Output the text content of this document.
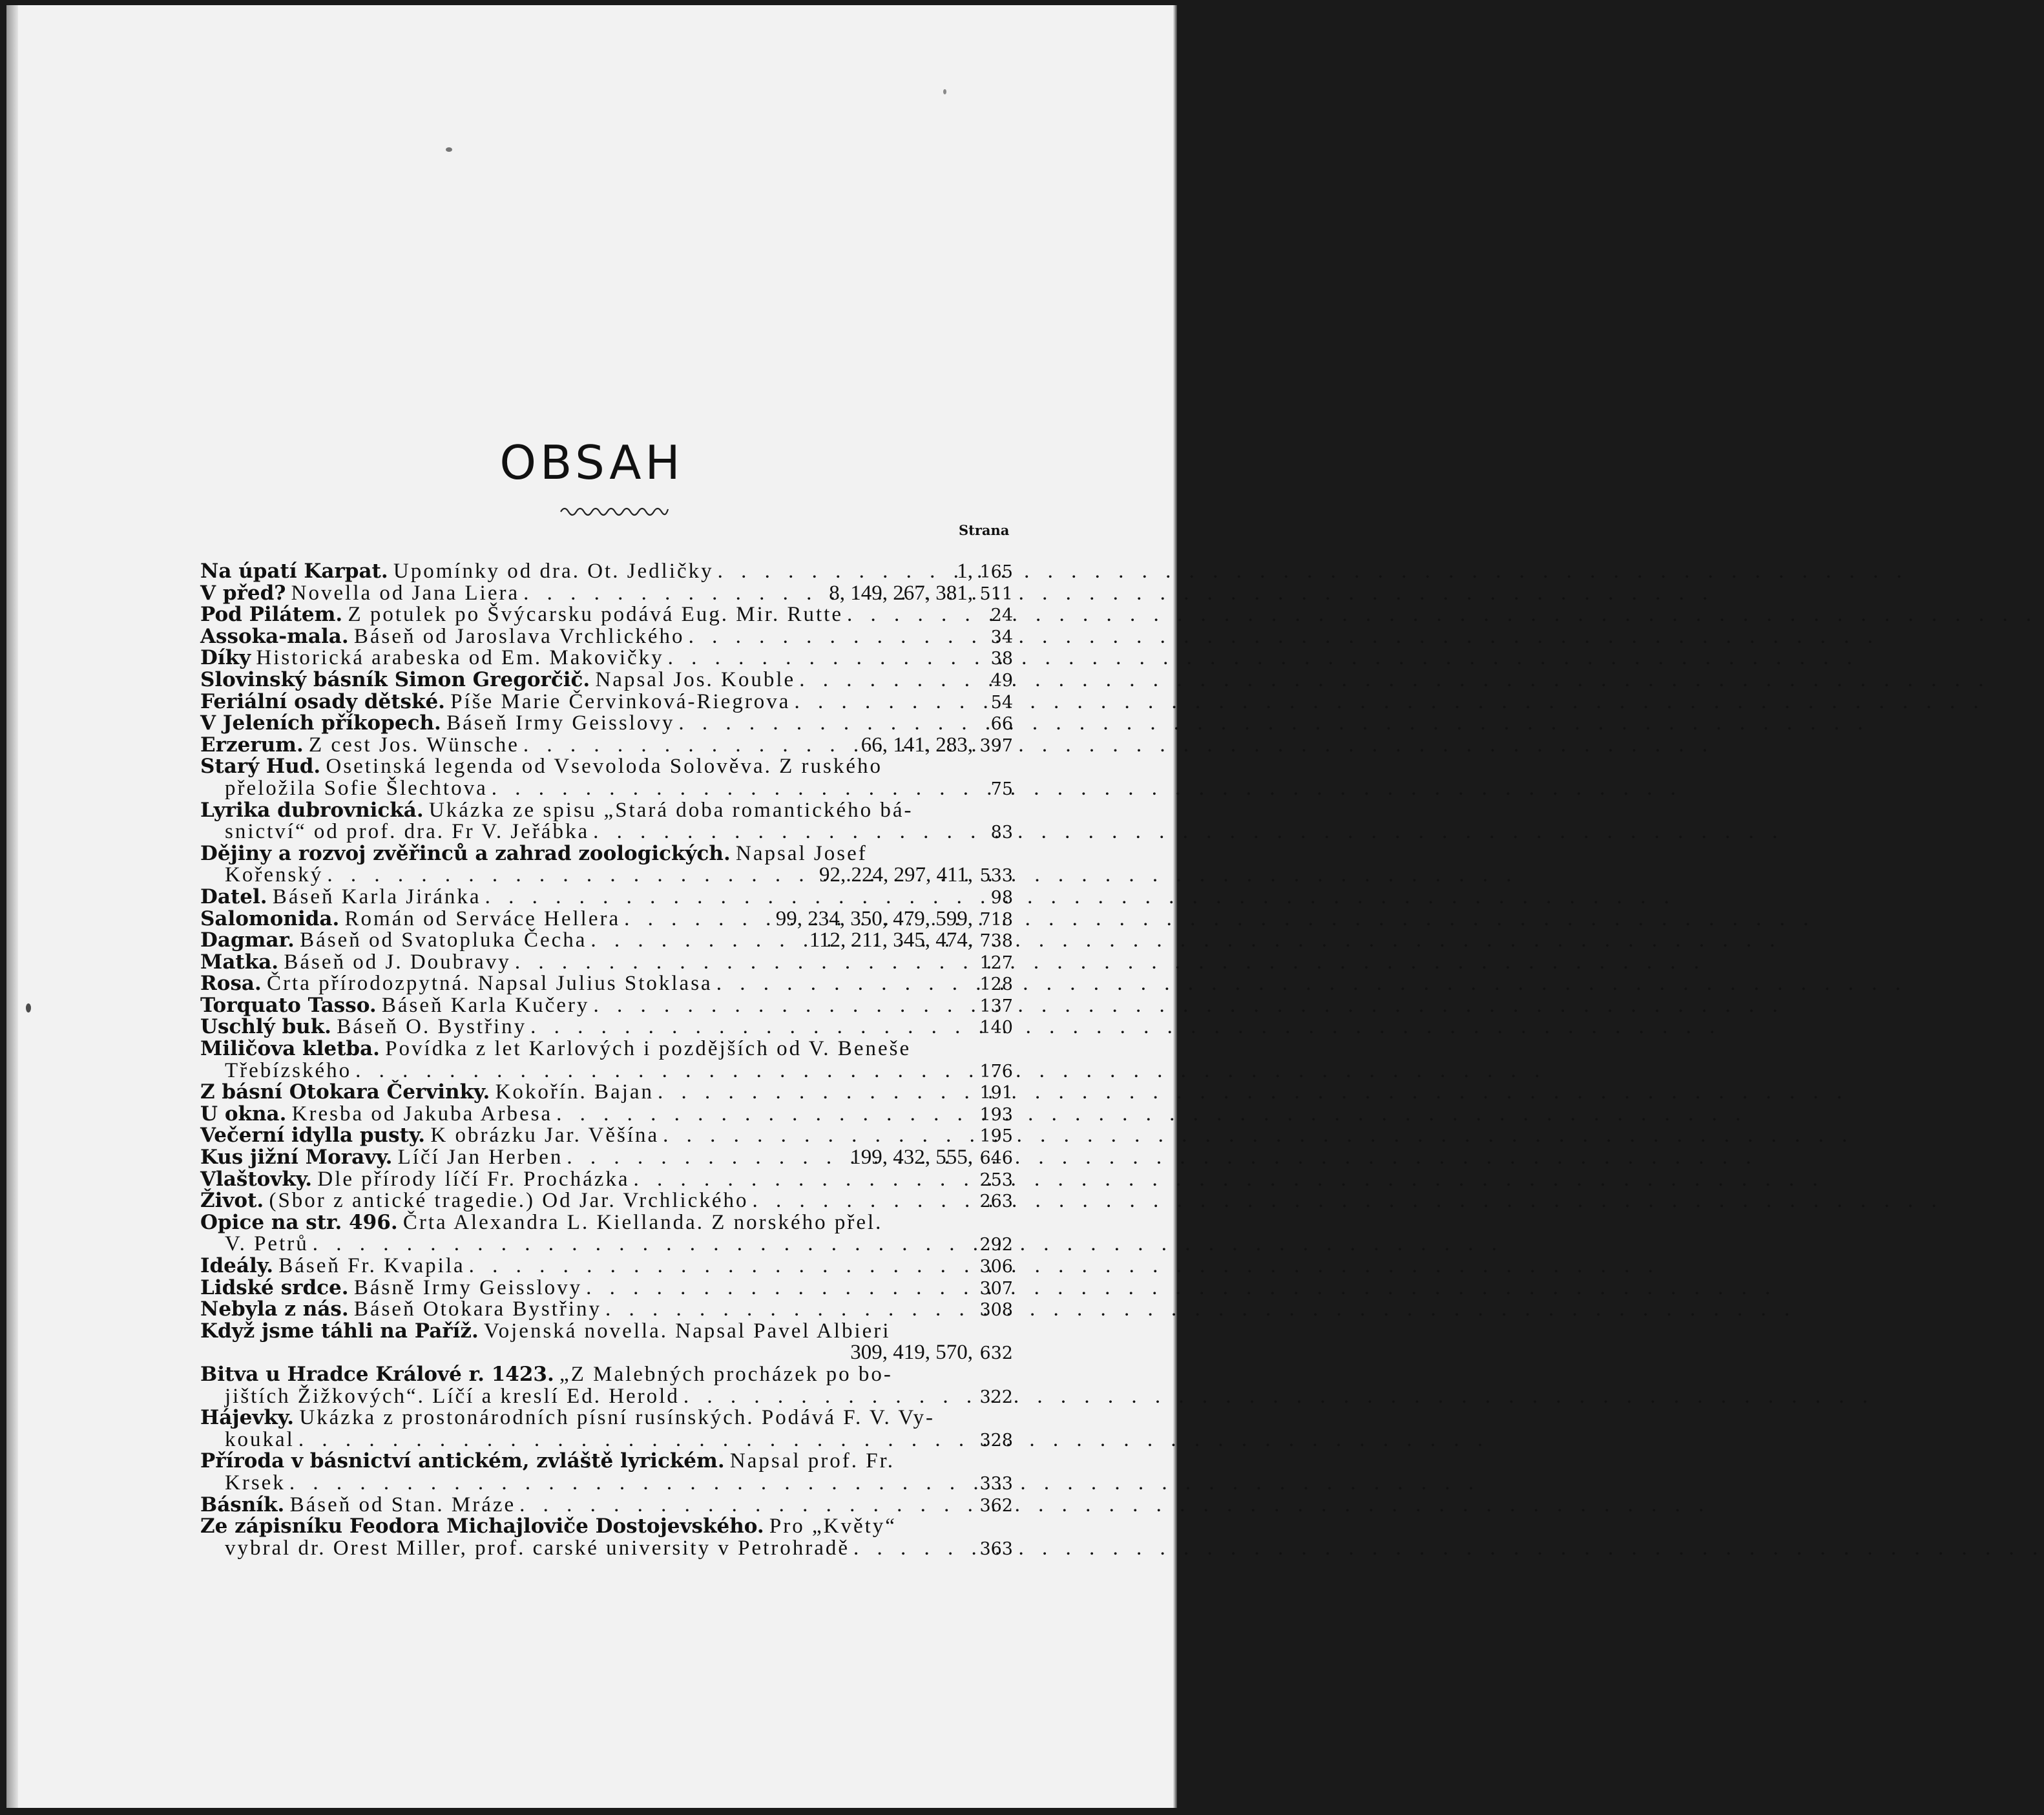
OBSAH
Strana
Na úpatí Karpat. Upomínky od dra. Ot. Jedličky . . .	1, 165
V před? Novella od Jana Liera . . .	8, 149, 267, 381, 511
Pod Pilátem. Z potulek po Švýcarsku podává Eug. Mir. Rutte . . .	24
Assoka-mala. Báseň od Jaroslava Vrchlického . . .	34
Díky Historická arabeska od Em. Makovičky . . .	38
Slovinský básník Simon Gregorčič. Napsal Jos. Kouble . . .	49
Feriální osady dětské. Píše Marie Červinková-Riegrova . . .	54
V Jeleních příkopech. Báseň Irmy Geisslovy . . .	66
Erzerum. Z cest Jos. Wünsche . . .	66, 141, 283, 397
Starý Hud. Osetinská legenda od Vsevoloda Solověva. Z ruského
přeložila Sofie Šlechtova . . .	75
Lyrika dubrovnická. Ukázka ze spisu „Stará doba romantického bá-
snictví“ od prof. dra. Fr V. Jeřábka . . .	83
Dějiny a rozvoj zvěřinců a zahrad zoologických. Napsal Josef
Kořenský . . .	92, 224, 297, 411, 533
Datel. Báseň Karla Jiránka . . .	98
Salomonida. Román od Serváce Hellera . . .	99, 234, 350, 479, 599, 718
Dagmar. Báseň od Svatopluka Čecha . . .	112, 211, 345, 474, 738
Matka. Báseň od J. Doubravy . . .	127
Rosa. Črta přírodozpytná. Napsal Julius Stoklasa . . .	128
Torquato Tasso. Báseň Karla Kučery . . .	137
Uschlý buk. Báseň O. Bystřiny . . .	140
Miličova kletba. Povídka z let Karlových i pozdějších od V. Beneše
Třebízského . . .	176
Z básní Otokara Červinky. Kokořín. Bajan . . .	191
U okna. Kresba od Jakuba Arbesa . . .	193
Večerní idylla pusty. K obrázku Jar. Věšína . . .	195
Kus jižní Moravy. Líčí Jan Herben . . .	199, 432, 555, 646
Vlaštovky. Dle přírody líčí Fr. Procházka . . .	253
Život. (Sbor z antické tragedie.) Od Jar. Vrchlického . . .	263
Opice na str. 496. Črta Alexandra L. Kiellanda. Z norského přel.
V. Petrů . . .	292
Ideály. Báseň Fr. Kvapila . . .	306
Lidské srdce. Básně Irmy Geisslovy . . .	307
Nebyla z nás. Báseň Otokara Bystřiny . . .	308
Když jsme táhli na Paříž. Vojenská novella. Napsal Pavel Albieri
309, 419, 570, 632
Bitva u Hradce Králové r. 1423. „Z Malebných procházek po bo-
jištích Žižkových“. Líčí a kreslí Ed. Herold . . .	322
Hájevky. Ukázka z prostonárodních písní rusínských. Podává F. V. Vy-
koukal . . .	328
Příroda v básnictví antickém, zvláště lyrickém. Napsal prof. Fr.
Krsek . . .	333
Básník. Báseň od Stan. Mráze . . .	362
Ze zápisníku Feodora Michajloviče Dostojevského. Pro „Květy“
vybral dr. Orest Miller, prof. carské university v Petrohradě . . .	363
